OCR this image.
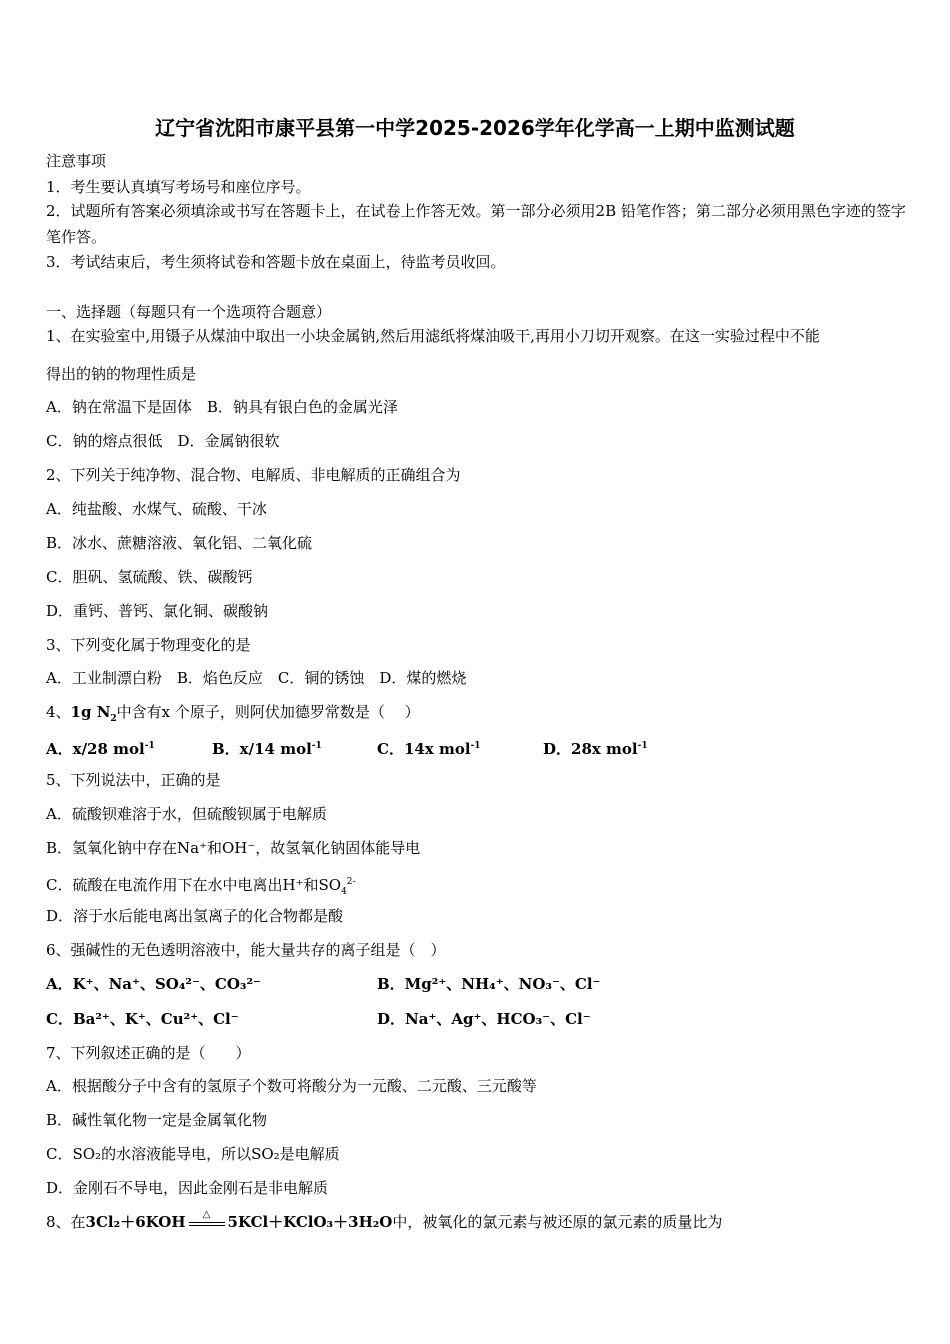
辽宁省沈阳市康平县第一中学2025-2026学年化学高一上期中监测试题
注意事项
1．考生要认真填写考场号和座位序号。
2．试题所有答案必须填涂或书写在答题卡上，在试卷上作答无效。第一部分必须用2B 铅笔作答；第二部分必须用黑色字迹的签字笔作答。
3．考试结束后，考生须将试卷和答题卡放在桌面上，待监考员收回。
一、选择题（每题只有一个选项符合题意）
1、在实验室中,用镊子从煤油中取出一小块金属钠,然后用滤纸将煤油吸干,再用小刀切开观察。在这一实验过程中不能
得出的钠的物理性质是
A．钠在常温下是固体　B．钠具有银白色的金属光泽
C．钠的熔点很低　D．金属钠很软
2、下列关于纯净物、混合物、电解质、非电解质的正确组合为
A．纯盐酸、水煤气、硫酸、干冰
B．冰水、蔗糖溶液、氧化铝、二氧化硫
C．胆矾、氢硫酸、铁、碳酸钙
D．重钙、普钙、氯化铜、碳酸钠
3、下列变化属于物理变化的是
A．工业制漂白粉　B．焰色反应　C．铜的锈蚀　D．煤的燃烧
4、1g $N_2$中含有x 个原子，则阿伏加德罗常数是（　 ）
A．x/28 mol$^{-1}$	B．x/14 mol$^{-1}$	C．14x mol$^{-1}$	D．28x mol$^{-1}$
5、下列说法中，正确的是
A．硫酸钡难溶于水，但硫酸钡属于电解质
B．氢氧化钠中存在Na⁺和OH⁻，故氢氧化钠固体能导电
C．硫酸在电流作用下在水中电离出H⁺和$SO_4^{2-}$
D．溶于水后能电离出氢离子的化合物都是酸
6、强碱性的无色透明溶液中，能大量共存的离子组是（　）
A．K⁺、Na⁺、SO₄²⁻、CO₃²⁻	B．Mg²⁺、NH₄⁺、NO₃⁻、Cl⁻
C．Ba²⁺、K⁺、Cu²⁺、Cl⁻	D．Na⁺、Ag⁺、HCO₃⁻、Cl⁻
7、下列叙述正确的是（　　）
A．根据酸分子中含有的氢原子个数可将酸分为一元酸、二元酸、三元酸等
B．碱性氧化物一定是金属氧化物
C．SO₂的水溶液能导电，所以SO₂是电解质
D．金刚石不导电，因此金刚石是非电解质
8、在3Cl₂＋6KOH	△	5KCl＋KClO₃＋3H₂O中，被氧化的氯元素与被还原的氯元素的质量比为
